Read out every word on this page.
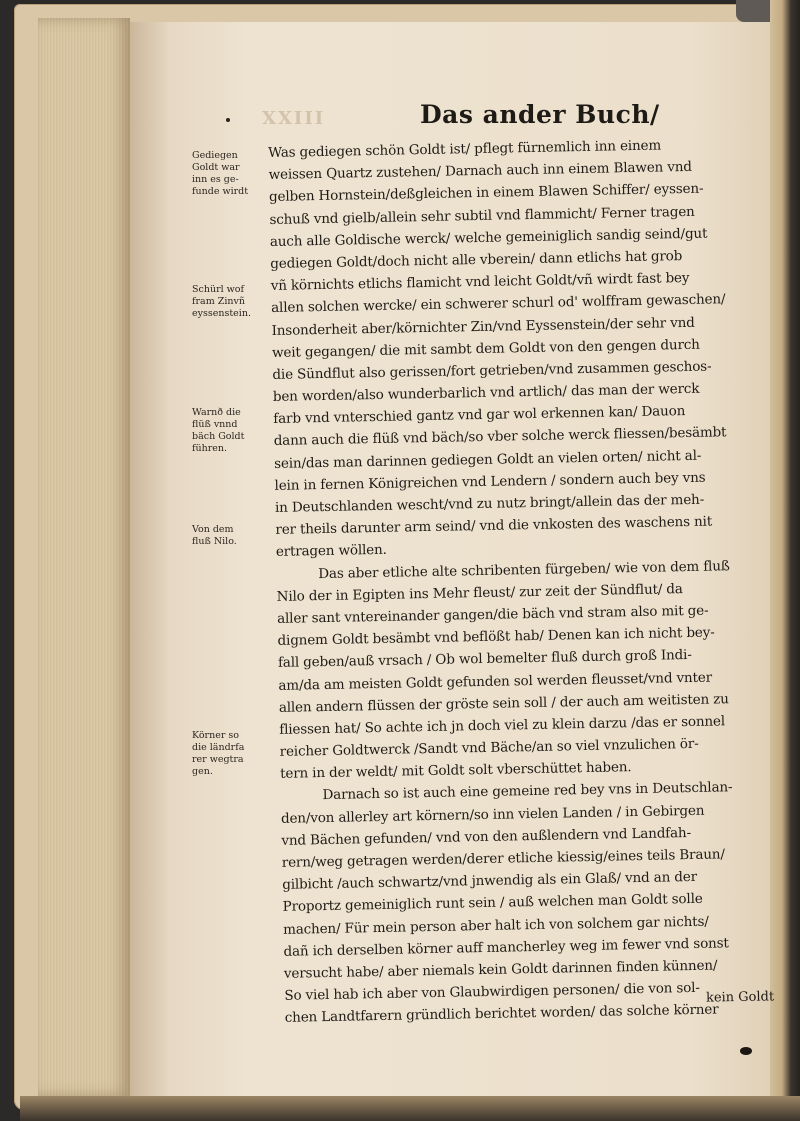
XXIII	Das ander Buch/
Gediegen
Goldt war
inn es ge-
funde wirdt
Schürl wof
fram Zinvñ
eyssenstein.
Warnð die
flüß vnnd
bäch Goldt
führen.
Von dem
fluß Nilo.
Körner so
die ländrfa
rer wegtra
gen.
Was gediegen schön Goldt ist/ pflegt fürnemlich inn einem
weissen Quartz zustehen/ Darnach auch inn einem Blawen vnd
gelben Hornstein/deßgleichen in einem Blawen Schiffer/ eyssen-
schuß vnd gielb/allein sehr subtil vnd flammicht/ Ferner tragen
auch alle Goldische werck/ welche gemeiniglich sandig seind/gut
gediegen Goldt/doch nicht alle vberein/ dann etlichs hat grob
vñ körnichts etlichs flamicht vnd leicht Goldt/vñ wirdt fast bey
allen solchen wercke/ ein schwerer schurl od' wolffram gewaschen/
Insonderheit aber/körnichter Zin/vnd Eyssenstein/der sehr vnd
weit gegangen/ die mit sambt dem Goldt von den gengen durch
die Sündflut also gerissen/fort getrieben/vnd zusammen geschos-
ben worden/also wunderbarlich vnd artlich/ das man der werck
farb vnd vnterschied gantz vnd gar wol erkennen kan/ Dauon
dann auch die flüß vnd bäch/so vber solche werck fliessen/besämbt
sein/das man darinnen gediegen Goldt an vielen orten/ nicht al-
lein in fernen Königreichen vnd Lendern / sondern auch bey vns
in Deutschlanden wescht/vnd zu nutz bringt/allein das der meh-
rer theils darunter arm seind/ vnd die vnkosten des waschens nit
ertragen wöllen.
Das aber etliche alte schribenten fürgeben/ wie von dem fluß
Nilo der in Egipten ins Mehr fleust/ zur zeit der Sündflut/ da
aller sant vntereinander gangen/die bäch vnd stram also mit ge-
dignem Goldt besämbt vnd beflößt hab/ Denen kan ich nicht bey-
fall geben/auß vrsach / Ob wol bemelter fluß durch groß Indi-
am/da am meisten Goldt gefunden sol werden fleusset/vnd vnter
allen andern flüssen der gröste sein soll / der auch am weitisten zu
fliessen hat/ So achte ich jn doch viel zu klein darzu /das er sonnel
reicher Goldtwerck /Sandt vnd Bäche/an so viel vnzulichen ör-
tern in der weldt/ mit Goldt solt vberschüttet haben.
Darnach so ist auch eine gemeine red bey vns in Deutschlan-
den/von allerley art körnern/so inn vielen Landen / in Gebirgen
vnd Bächen gefunden/ vnd von den außlendern vnd Landfah-
rern/weg getragen werden/derer etliche kiessig/eines teils Braun/
gilbicht /auch schwartz/vnd jnwendig als ein Glaß/ vnd an der
Proportz gemeiniglich runt sein / auß welchen man Goldt solle
machen/ Für mein person aber halt ich von solchem gar nichts/
dañ ich derselben körner auff mancherley weg im fewer vnd sonst
versucht habe/ aber niemals kein Goldt darinnen finden künnen/
So viel hab ich aber von Glaubwirdigen personen/ die von sol-
chen Landtfarern gründlich berichtet worden/ das solche körner
kein Goldt
